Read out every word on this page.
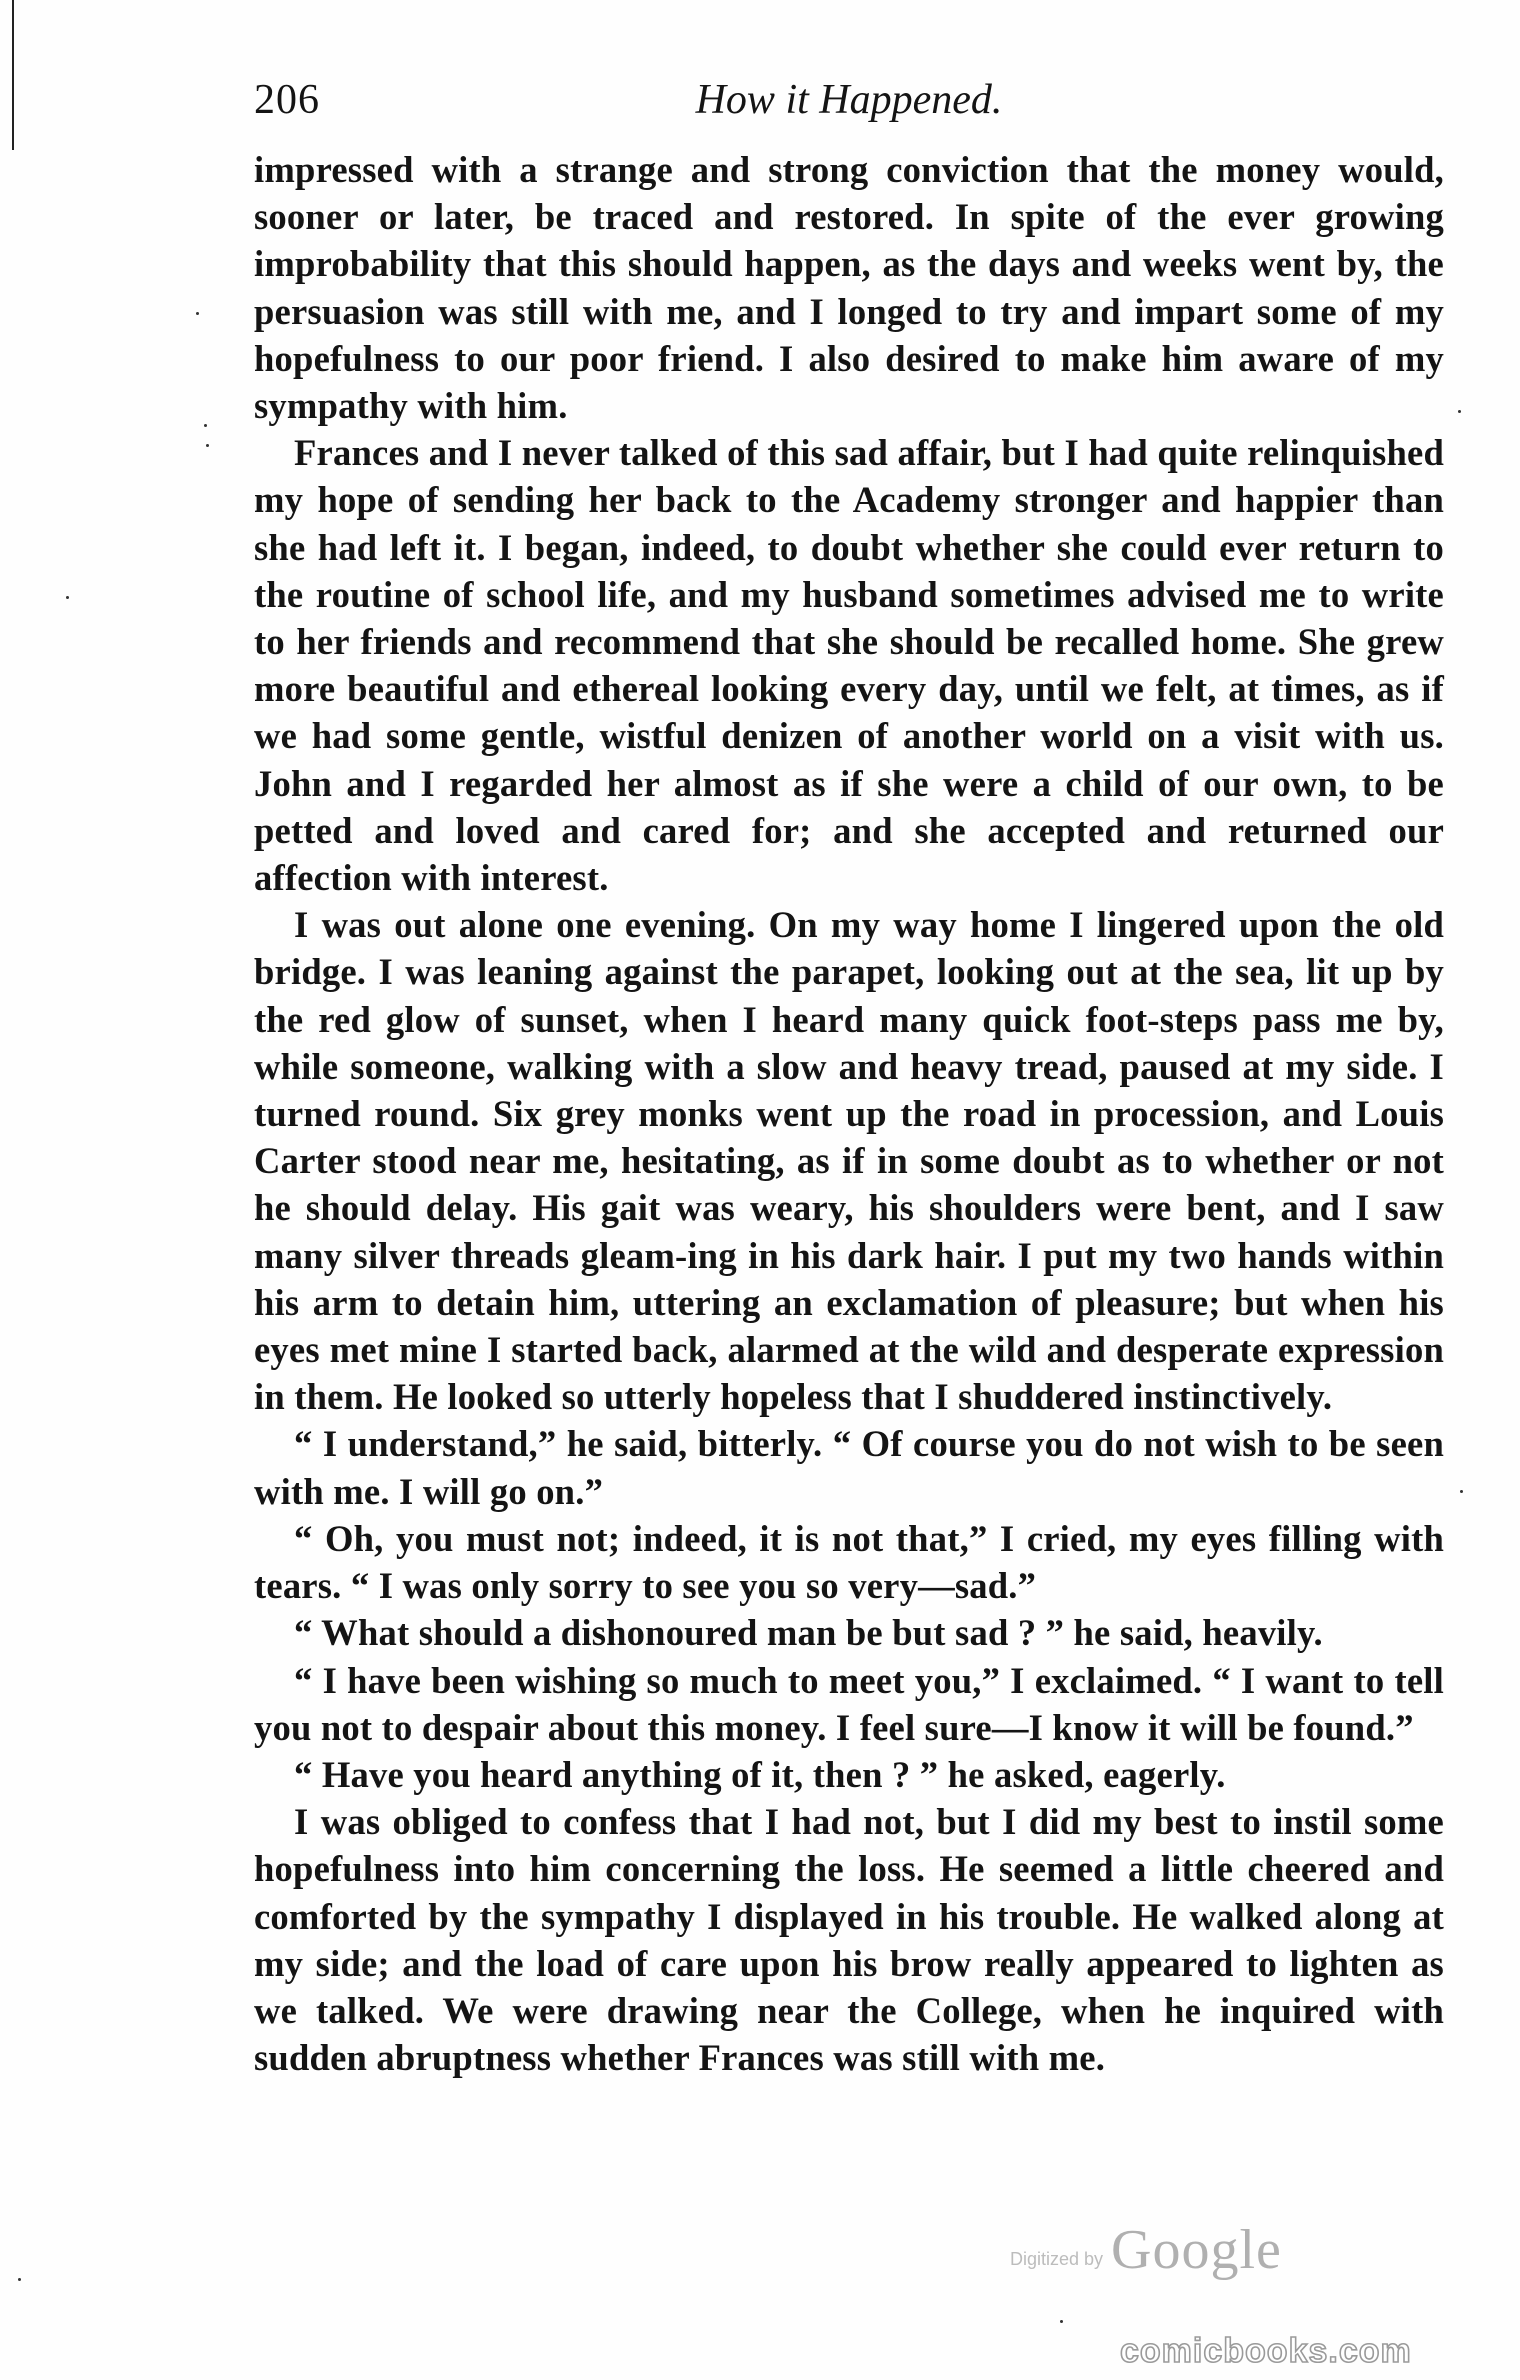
206	How it Happened.

impressed with a strange and strong conviction that the money would, sooner or later, be traced and restored. In spite of the ever growing improbability that this should happen, as the days and weeks went by, the persuasion was still with me, and I longed to try and impart some of my hopefulness to our poor friend. I also desired to make him aware of my sympathy with him.

Frances and I never talked of this sad affair, but I had quite relinquished my hope of sending her back to the Academy stronger and happier than she had left it. I began, indeed, to doubt whether she could ever return to the routine of school life, and my husband sometimes advised me to write to her friends and recommend that she should be recalled home. She grew more beautiful and ethereal looking every day, until we felt, at times, as if we had some gentle, wistful denizen of another world on a visit with us. John and I regarded her almost as if she were a child of our own, to be petted and loved and cared for; and she accepted and returned our affection with interest.

I was out alone one evening. On my way home I lingered upon the old bridge. I was leaning against the parapet, looking out at the sea, lit up by the red glow of sunset, when I heard many quick foot-steps pass me by, while someone, walking with a slow and heavy tread, paused at my side. I turned round. Six grey monks went up the road in procession, and Louis Carter stood near me, hesitating, as if in some doubt as to whether or not he should delay. His gait was weary, his shoulders were bent, and I saw many silver threads gleam-ing in his dark hair. I put my two hands within his arm to detain him, uttering an exclamation of pleasure; but when his eyes met mine I started back, alarmed at the wild and desperate expression in them. He looked so utterly hopeless that I shuddered instinctively.

“ I understand,” he said, bitterly. “ Of course you do not wish to be seen with me. I will go on.”

“ Oh, you must not; indeed, it is not that,” I cried, my eyes filling with tears. “ I was only sorry to see you so very—sad.”

“ What should a dishonoured man be but sad ? ” he said, heavily.

“ I have been wishing so much to meet you,” I exclaimed. “ I want to tell you not to despair about this money. I feel sure—I know it will be found.”

“ Have you heard anything of it, then ? ” he asked, eagerly.

I was obliged to confess that I had not, but I did my best to instil some hopefulness into him concerning the loss. He seemed a little cheered and comforted by the sympathy I displayed in his trouble. He walked along at my side; and the load of care upon his brow really appeared to lighten as we talked. We were drawing near the College, when he inquired with sudden abruptness whether Frances was still with me.

Digitized by Google
comicbooks.com
